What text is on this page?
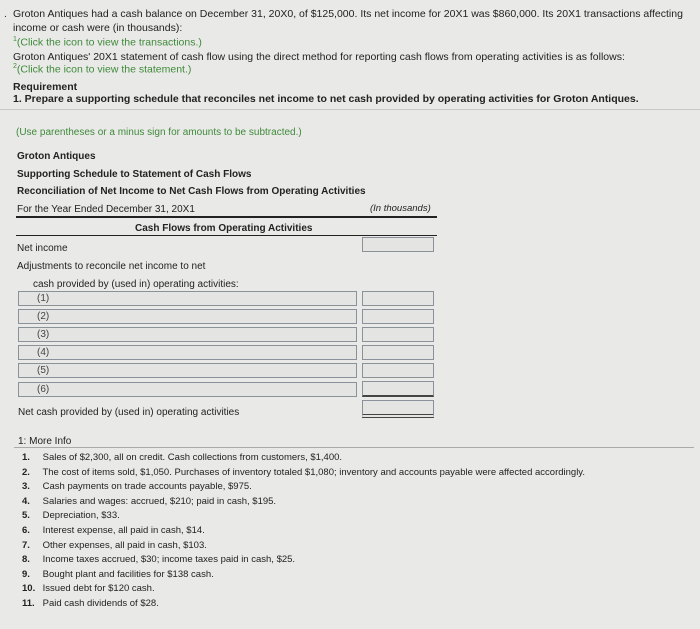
. Groton Antiques had a cash balance on December 31, 20X0, of $125,000. Its net income for 20X1 was $860,000. Its 20X1 transactions affecting
income or cash were (in thousands):
$^1$(Click the icon to view the transactions.)
Groton Antiques' 20X1 statement of cash flow using the direct method for reporting cash flows from operating activities is as follows:
$^2$(Click the icon to view the statement.)
Requirement
1. Prepare a supporting schedule that reconciles net income to net cash provided by operating activities for Groton Antiques.
(Use parentheses or a minus sign for amounts to be subtracted.)
Groton Antiques
Supporting Schedule to Statement of Cash Flows
Reconciliation of Net Income to Net Cash Flows from Operating Activities
For the Year Ended December 31, 20X1	(In thousands)
Cash Flows from Operating Activities
Net income
Adjustments to reconcile net income to net
cash provided by (used in) operating activities:
(1)
(2)
(3)
(4)
(5)
(6)
Net cash provided by (used in) operating activities
1: More Info
1. Sales of $2,300, all on credit. Cash collections from customers, $1,400.
2. The cost of items sold, $1,050. Purchases of inventory totaled $1,080; inventory and accounts payable were affected accordingly.
3. Cash payments on trade accounts payable, $975.
4. Salaries and wages: accrued, $210; paid in cash, $195.
5. Depreciation, $33.
6. Interest expense, all paid in cash, $14.
7. Other expenses, all paid in cash, $103.
8. Income taxes accrued, $30; income taxes paid in cash, $25.
9. Bought plant and facilities for $138 cash.
10. Issued debt for $120 cash.
11. Paid cash dividends of $28.
